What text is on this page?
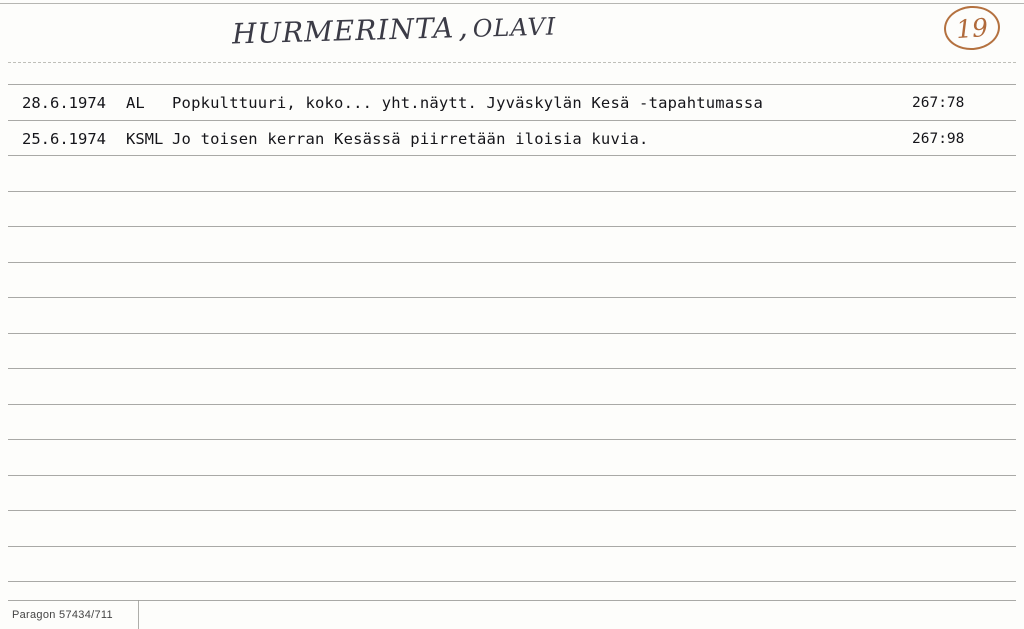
HURMERINTA , OLAVI	19
28.6.1974 AL Popkulttuuri, koko... yht.näytt. Jyväskylän Kesä -tapahtumassa	267:78
25.6.1974 KSML Jo toisen kerran Kesässä piirretään iloisia kuvia.	267:98
Paragon 57434/711
